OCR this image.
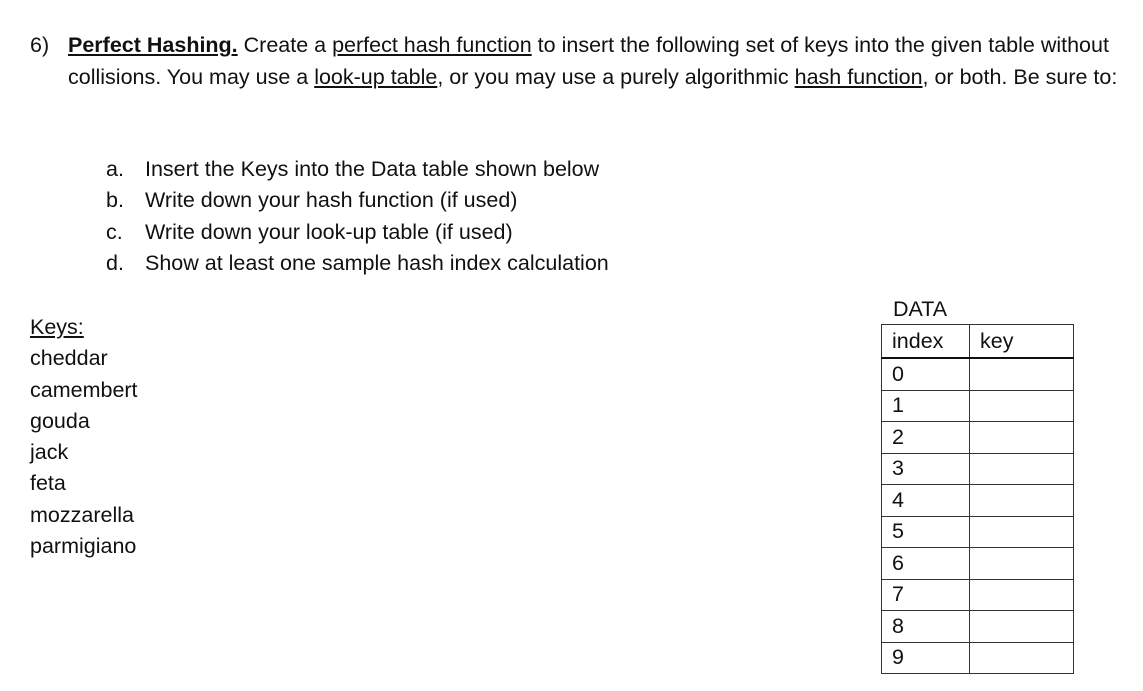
6) Perfect Hashing. Create a perfect hash function to insert the following set of keys into the given table without collisions. You may use a look-up table, or you may use a purely algorithmic hash function, or both. Be sure to:
a. Insert the Keys into the Data table shown below
b. Write down your hash function (if used)
c.	Write down your look-up table (if used)
d. Show at least one sample hash index calculation
Keys:
cheddar
camembert
gouda
jack
feta
mozzarella
parmigiano
DATA
index	key
0	
1	
2	
3	
4	
5	
6	
7	
8	
9	
